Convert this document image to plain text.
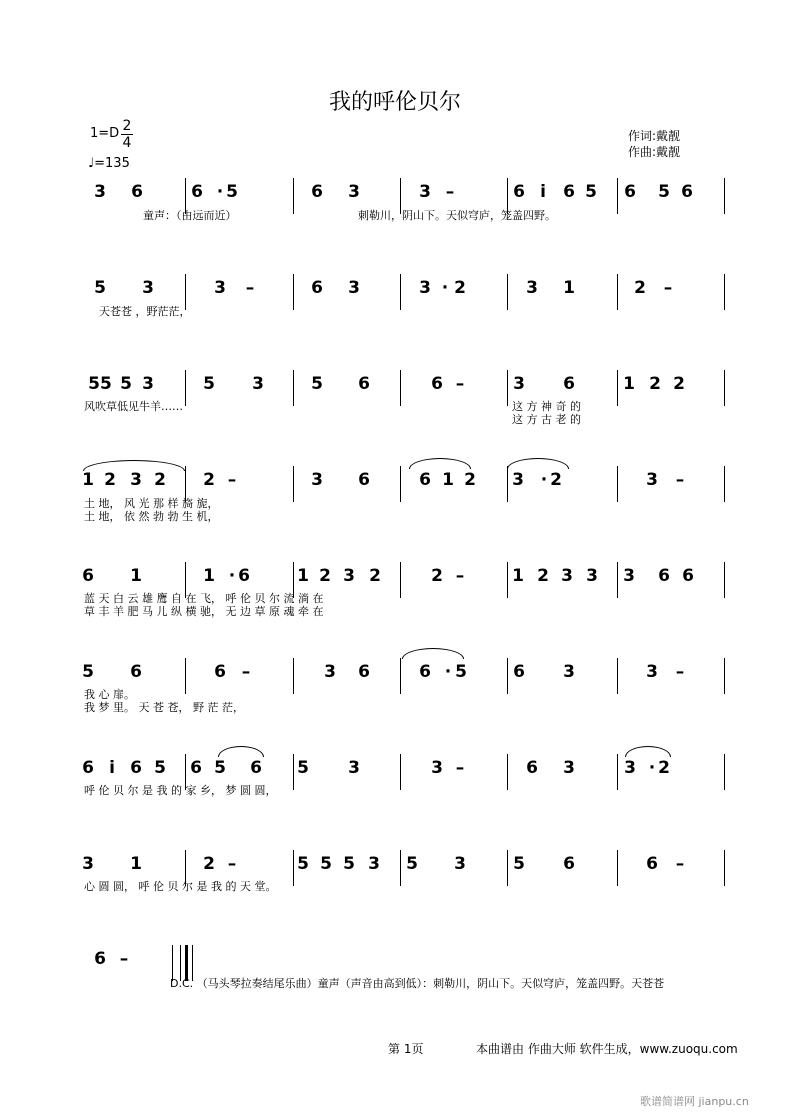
我的呼伦贝尔
1=D 2
4
♩=135
作词:戴靓
作曲:戴靓
3 6	6 · 5	6 3	3 –	6 i	6 5 6 5 6
5 3	3 –	6 3	3 · 2	3 1	2 –
55 5 3	5 3	5 6	6 –	3 6	1 2 2
1 2 3 2 2 –	3 6	6 1 2 3 · 2	3 –
6 1	1 · 6	1 2 3 2	2 –	1 2 3 3 3 6 6
5 6	6 –	3 6	6 · 5	6 3	3 –
6 i 6 5 6 5 6 5 3	3 –	6 3	3 · 2
3 1	2 –	5 5 5 3 5 3	5 6	6 –
6 –
童声：（由远而近）	刺勒川，阴山下。天似穹庐，笼盖四野。
天苍苍 ，野茫茫，
风吹草低见牛羊……	这 方 神 奇 的
这 方 古 老 的
土 地， 风 光 那 样 旖 旎，
土 地， 依 然 勃 勃 生 机，
蓝 天 白 云 雄 鹰 自 在 飞， 呼 伦 贝 尔 流 淌 在
草 丰 羊 肥 马 儿 纵 横 驰， 无 边 草 原 魂 牵 在
我 心 扉。
我 梦 里。 天 苍 苍， 野 茫 茫，
呼 伦 贝 尔 是 我 的 家 乡， 梦 圆 圆，
心 圆 圆， 呼 伦 贝 尔 是 我 的 天 堂。
D.C. （马头琴拉奏结尾乐曲）童声（声音由高到低）：刺勒川，阴山下。天似穹庐，笼盖四野。天苍苍
第 1页	本曲谱由 作曲大师 软件生成，www.zuoqu.com
歌谱简谱网 jianpu.cn
